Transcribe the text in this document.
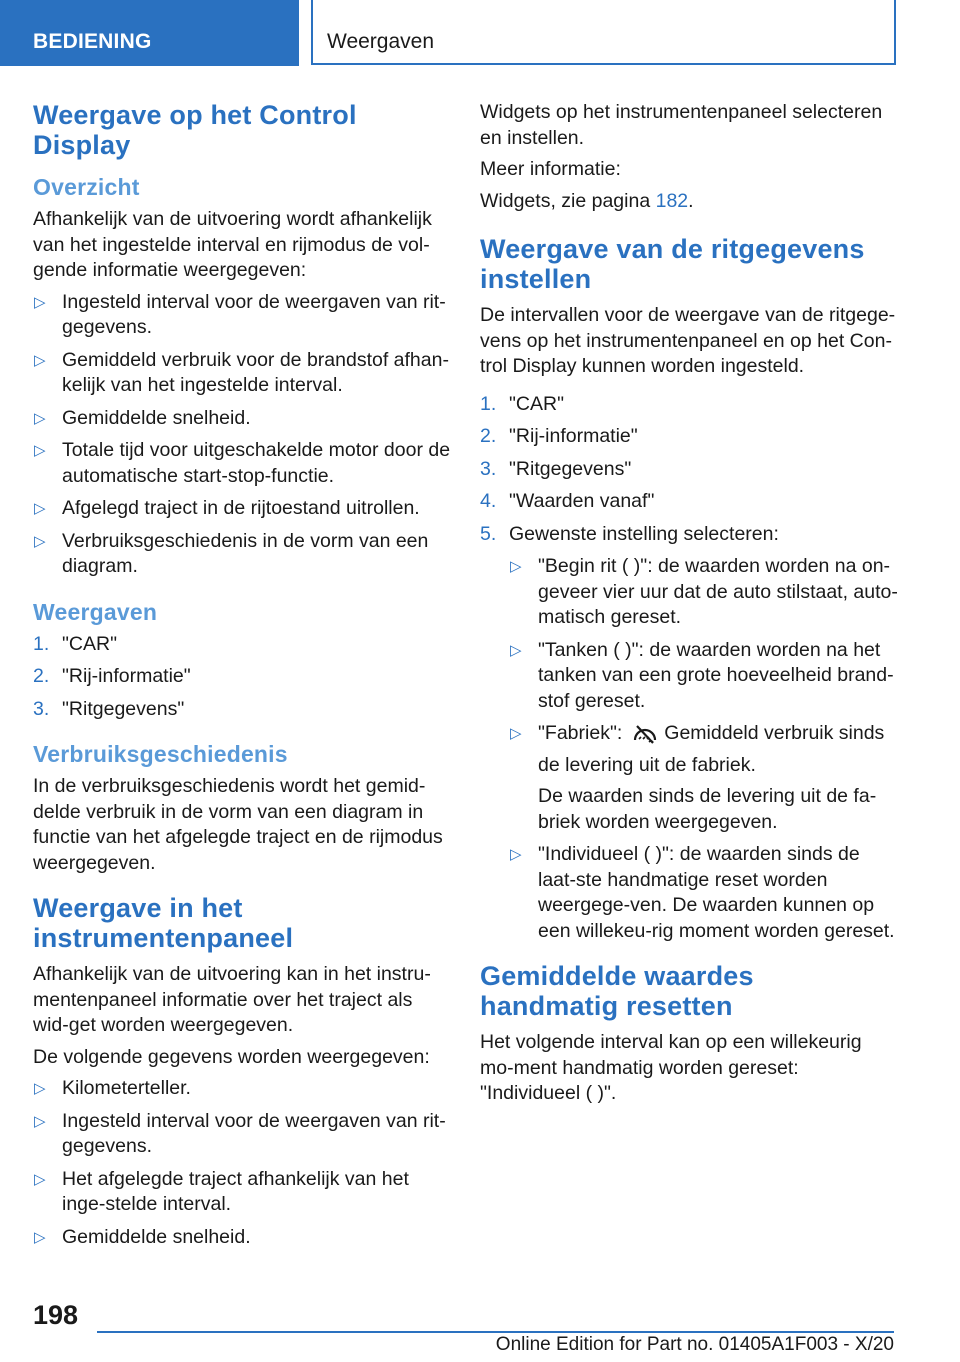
BEDIENING	Weergaven
Weergave op het Control Display
Overzicht
Afhankelijk van de uitvoering wordt afhankelijk van het ingestelde interval en rijmodus de vol-gende informatie weergegeven:
▷ Ingesteld interval voor de weergaven van rit-gegevens.
▷ Gemiddeld verbruik voor de brandstof afhan-kelijk van het ingestelde interval.
▷ Gemiddelde snelheid.
▷ Totale tijd voor uitgeschakelde motor door de automatische start-stop-functie.
▷ Afgelegd traject in de rijtoestand uitrollen.
▷ Verbruiksgeschiedenis in de vorm van een diagram.
Weergaven
1. "CAR"
2. "Rij-informatie"
3. "Ritgegevens"
Verbruiksgeschiedenis
In de verbruiksgeschiedenis wordt het gemid-delde verbruik in de vorm van een diagram in functie van het afgelegde traject en de rijmodus weergegeven.
Weergave in het instrumentenpaneel
Afhankelijk van de uitvoering kan in het instru-mentenpaneel informatie over het traject als wid-get worden weergegeven.
De volgende gegevens worden weergegeven:
▷ Kilometerteller.
▷ Ingesteld interval voor de weergaven van rit-gegevens.
▷ Het afgelegde traject afhankelijk van het inge-stelde interval.
▷ Gemiddelde snelheid.
Widgets op het instrumentenpaneel selecteren en instellen.
Meer informatie:
Widgets, zie pagina 182.
Weergave van de ritgegevens instellen
De intervallen voor de weergave van de ritgege-vens op het instrumentenpaneel en op het Con-trol Display kunnen worden ingesteld.
1. "CAR"
2. "Rij-informatie"
3. "Ritgegevens"
4. "Waarden vanaf"
5. Gewenste instelling selecteren:
▷ "Begin rit ( )": de waarden worden na on-geveer vier uur dat de auto stilstaat, auto-matisch gereset.
▷ "Tanken ( )": de waarden worden na het tanken van een grote hoeveelheid brand-stof gereset.
▷ "Fabriek": Gemiddeld verbruik sinds de levering uit de fabriek.
De waarden sinds de levering uit de fa-briek worden weergegeven.
▷ "Individueel ( )": de waarden sinds de laat-ste handmatige reset worden weergege-ven. De waarden kunnen op een willekeu-rig moment worden gereset.
Gemiddelde waardes handmatig resetten
Het volgende interval kan op een willekeurig mo-ment handmatig worden gereset: "Individueel ( )".
198
Online Edition for Part no. 01405A1F003 - X/20
